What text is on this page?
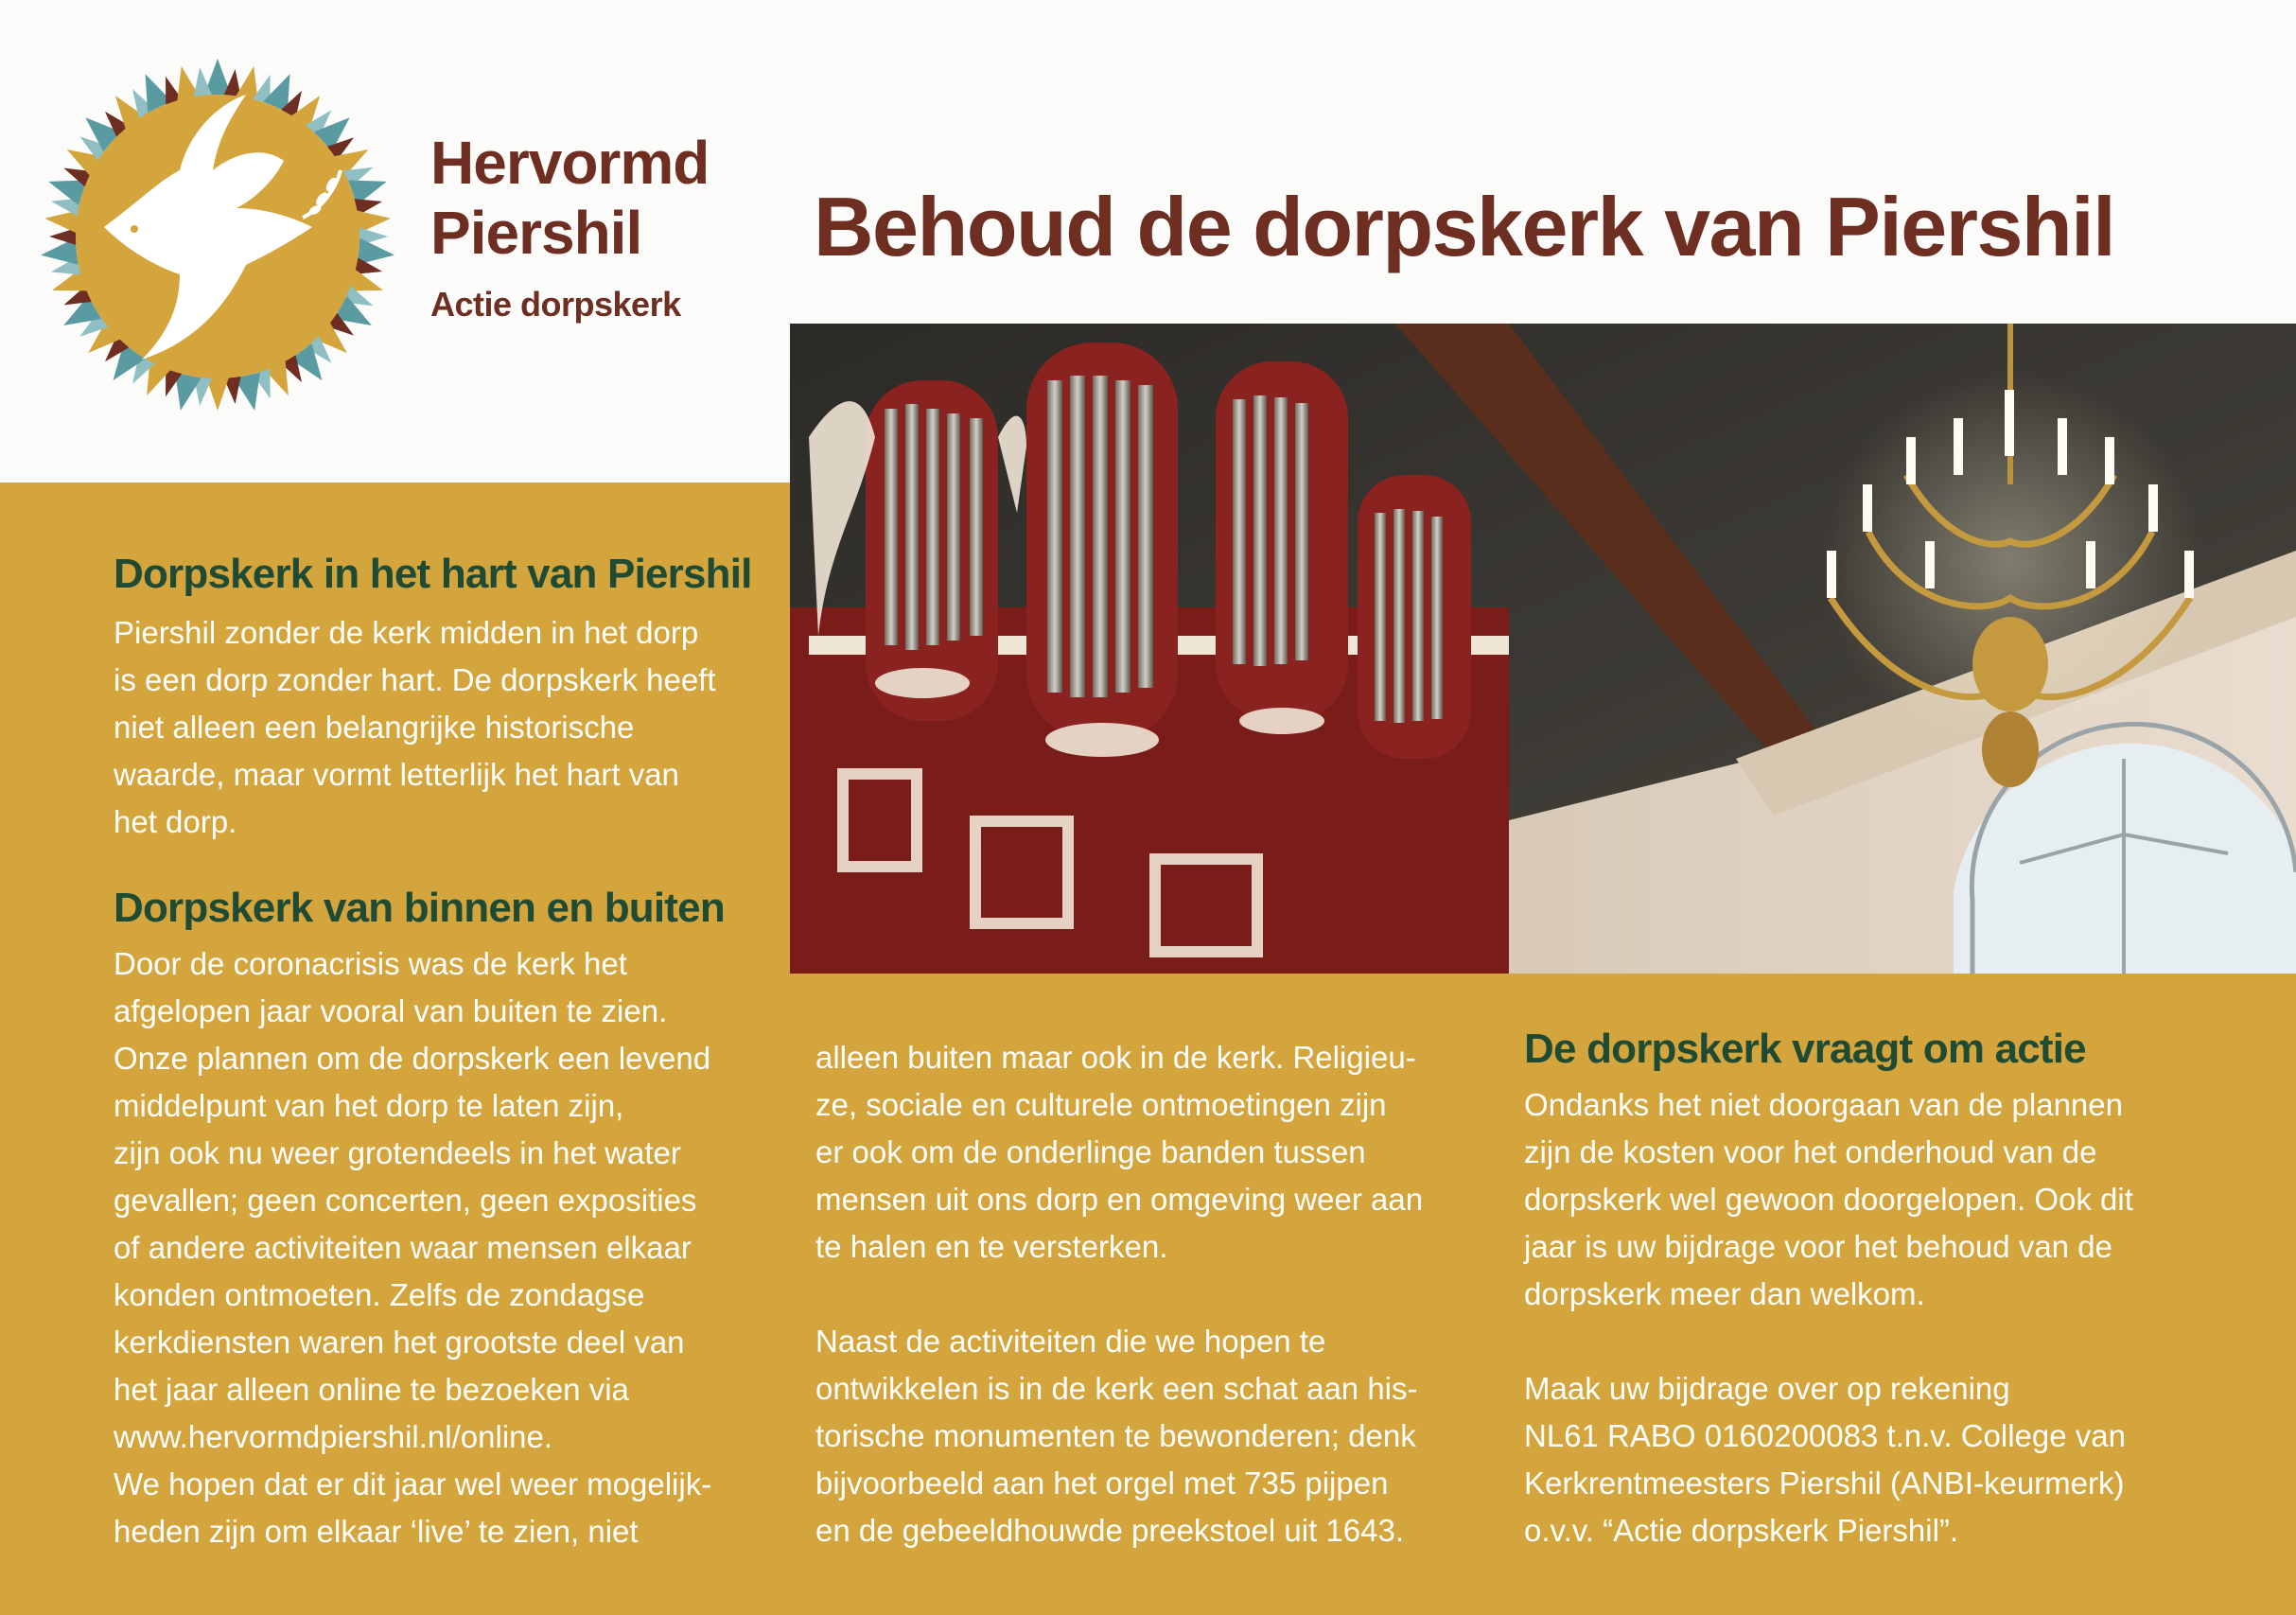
Hervormd
Piershil
Actie dorpskerk
Behoud de dorpskerk van Piershil
Dorpskerk in het hart van Piershil

Piershil zonder de kerk midden in het dorp
is een dorp zonder hart. De dorpskerk heeft
niet alleen een belangrijke historische
waarde, maar vormt letterlijk het hart van
het dorp.

Dorpskerk van binnen en buiten

Door de coronacrisis was de kerk het
afgelopen jaar vooral van buiten te zien.
Onze plannen om de dorpskerk een levend
middelpunt van het dorp te laten zijn,
zijn ook nu weer grotendeels in het water
gevallen; geen concerten, geen exposities
of andere activiteiten waar mensen elkaar
konden ontmoeten. Zelfs de zondagse
kerkdiensten waren het grootste deel van
het jaar alleen online te bezoeken via
www.hervormdpiershil.nl/online.
We hopen dat er dit jaar wel weer mogelijk-
heden zijn om elkaar ‘live’ te zien, niet

alleen buiten maar ook in de kerk. Religieu-
ze, sociale en culturele ontmoetingen zijn
er ook om de onderlinge banden tussen
mensen uit ons dorp en omgeving weer aan
te halen en te versterken.

Naast de activiteiten die we hopen te
ontwikkelen is in de kerk een schat aan his-
torische monumenten te bewonderen; denk
bijvoorbeeld aan het orgel met 735 pijpen
en de gebeeldhouwde preekstoel uit 1643.

De dorpskerk vraagt om actie

Ondanks het niet doorgaan van de plannen
zijn de kosten voor het onderhoud van de
dorpskerk wel gewoon doorgelopen. Ook dit
jaar is uw bijdrage voor het behoud van de
dorpskerk meer dan welkom.

Maak uw bijdrage over op rekening
NL61 RABO 0160200083 t.n.v. College van
Kerkrentmeesters Piershil (ANBI-keurmerk)
o.v.v. “Actie dorpskerk Piershil”.
